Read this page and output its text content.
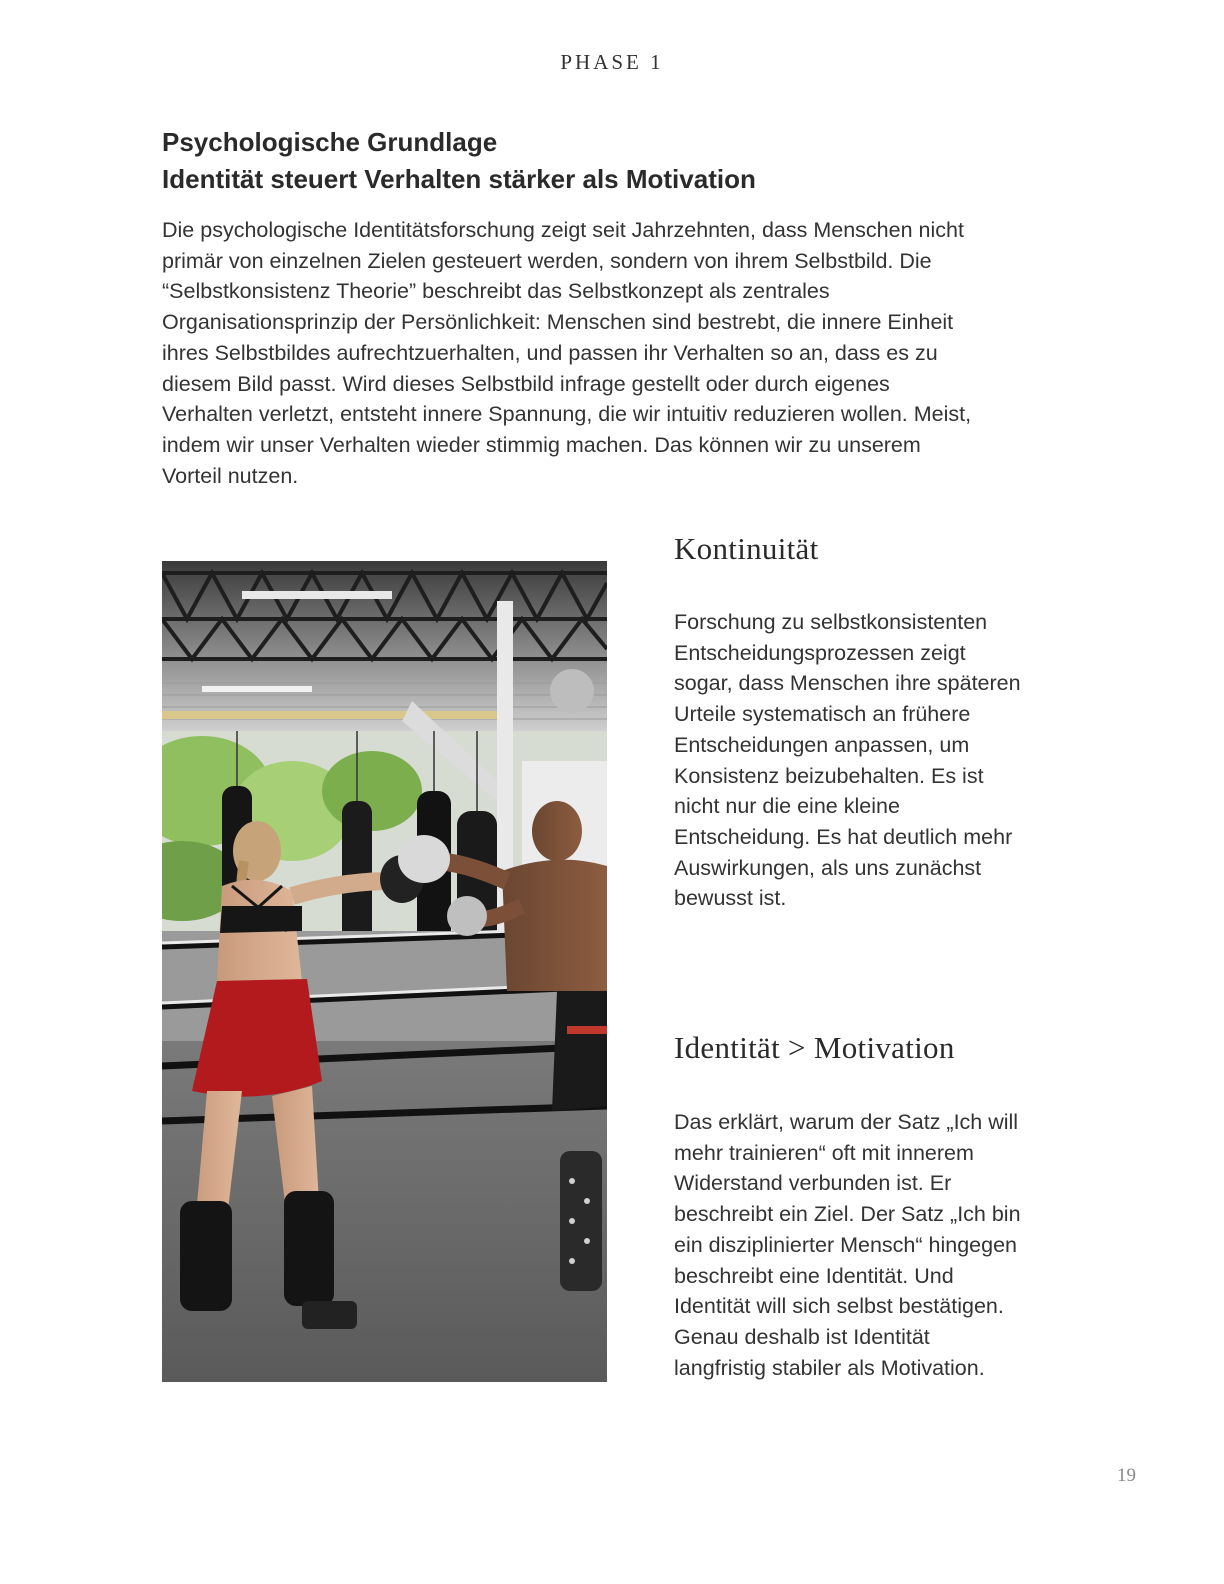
PHASE 1
Psychologische Grundlage
Identität steuert Verhalten stärker als Motivation
Die psychologische Identitätsforschung zeigt seit Jahrzehnten, dass Menschen nicht
primär von einzelnen Zielen gesteuert werden, sondern von ihrem Selbstbild. Die
“Selbstkonsistenz Theorie” beschreibt das Selbstkonzept als zentrales
Organisationsprinzip der Persönlichkeit: Menschen sind bestrebt, die innere Einheit
ihres Selbstbildes aufrechtzuerhalten, und passen ihr Verhalten so an, dass es zu
diesem Bild passt. Wird dieses Selbstbild infrage gestellt oder durch eigenes
Verhalten verletzt, entsteht innere Spannung, die wir intuitiv reduzieren wollen. Meist,
indem wir unser Verhalten wieder stimmig machen. Das können wir zu unserem
Vorteil nutzen.
Kontinuität
Forschung zu selbstkonsistenten
Entscheidungsprozessen zeigt
sogar, dass Menschen ihre späteren
Urteile systematisch an frühere
Entscheidungen anpassen, um
Konsistenz beizubehalten. Es ist
nicht nur die eine kleine
Entscheidung. Es hat deutlich mehr
Auswirkungen, als uns zunächst
bewusst ist.
Identität > Motivation
Das erklärt, warum der Satz „Ich will
mehr trainieren“ oft mit innerem
Widerstand verbunden ist. Er
beschreibt ein Ziel. Der Satz „Ich bin
ein disziplinierter Mensch“ hingegen
beschreibt eine Identität. Und
Identität will sich selbst bestätigen.
Genau deshalb ist Identität
langfristig stabiler als Motivation.
19
